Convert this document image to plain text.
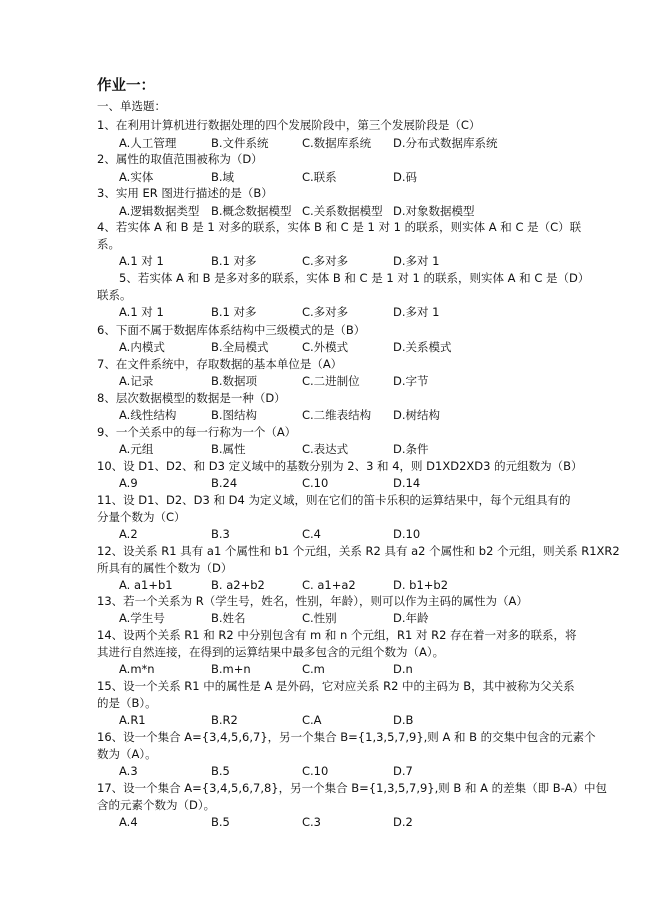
作业一：
一、单选题：
1、在利用计算机进行数据处理的四个发展阶段中，第三个发展阶段是（C）
A.人工管理	B.文件系统	C.数据库系统 D.分布式数据库系统
2、属性的取值范围被称为（D）
A.实体	B.域	C.联系	D.码
3、实用 ER 图进行描述的是（B）
A.逻辑数据类型 B.概念数据模型 C.关系数据模型 D.对象数据模型
4、若实体 A 和 B 是 1 对多的联系，实体 B 和 C 是 1 对 1 的联系，则实体 A 和 C 是（C）联
系。
A.1 对 1	B.1 对多	C.多对多	D.多对 1
5、若实体 A 和 B 是多对多的联系，实体 B 和 C 是 1 对 1 的联系，则实体 A 和 C 是（D）
联系。
A.1 对 1	B.1 对多	C.多对多	D.多对 1
6、下面不属于数据库体系结构中三级模式的是（B）
A.内模式	B.全局模式	C.外模式	D.关系模式
7、在文件系统中，存取数据的基本单位是（A）
A.记录	B.数据项	C.二进制位	D.字节
8、层次数据模型的数据是一种（D）
A.线性结构	B.图结构	C.二维表结构 D.树结构
9、一个关系中的每一行称为一个（A）
A.元组	B.属性	C.表达式	D.条件
10、设 D1、D2、和 D3 定义域中的基数分别为 2、3 和 4，则 D1XD2XD3 的元组数为（B）
A.9	B.24	C.10	D.14
11、设 D1、D2、D3 和 D4 为定义域，则在它们的笛卡乐积的运算结果中，每个元组具有的
分量个数为（C）
A.2	B.3	C.4	D.10
12、设关系 R1 具有 a1 个属性和 b1 个元组，关系 R2 具有 a2 个属性和 b2 个元组，则关系 R1XR2
所具有的属性个数为（D）
A. a1+b1	B. a2+b2	C. a1+a2	D. b1+b2
13、若一个关系为 R（学生号，姓名，性别，年龄），则可以作为主码的属性为（A）
A.学生号	B.姓名	C.性别	D.年龄
14、设两个关系 R1 和 R2 中分别包含有 m 和 n 个元组，R1 对 R2 存在着一对多的联系，将
其进行自然连接，在得到的运算结果中最多包含的元组个数为（A）。
A.m*n	B.m+n	C.m	D.n
15、设一个关系 R1 中的属性是 A 是外码，它对应关系 R2 中的主码为 B，其中被称为父关系
的是（B）。
A.R1	B.R2	C.A	D.B
16、设一个集合 A={3,4,5,6,7}，另一个集合 B={1,3,5,7,9},则 A 和 B 的交集中包含的元素个
数为（A）。
A.3	B.5	C.10	D.7
17、设一个集合 A={3,4,5,6,7,8}，另一个集合 B={1,3,5,7,9},则 B 和 A 的差集（即 B-A）中包
含的元素个数为（D）。
A.4	B.5	C.3	D.2
